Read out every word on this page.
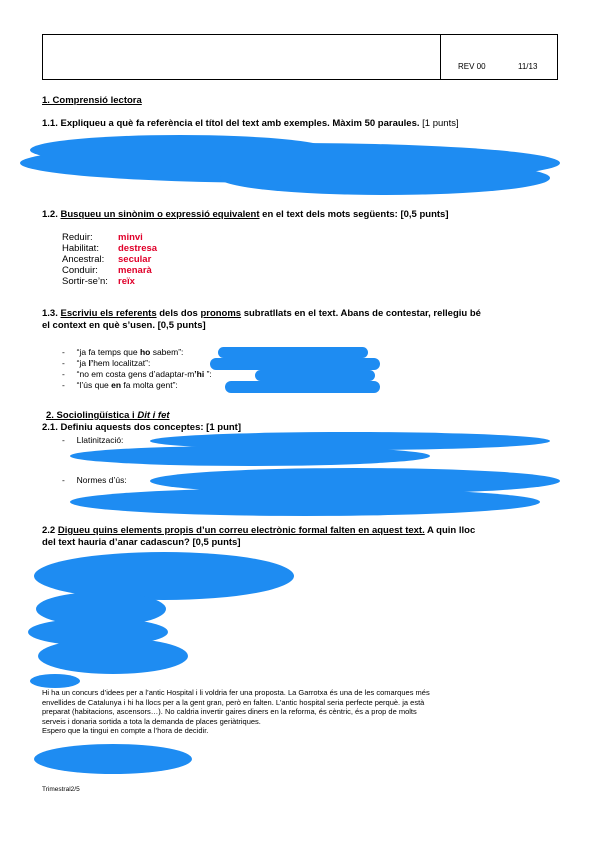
REV 00	11/13
1. Comprensió lectora
1.1. Expliqueu a què fa referència el títol del text amb exemples. Màxim 50 paraules. [1 punts]
1.2. Busqueu un sinònim o expressió equivalent en el text dels mots següents: [0,5 punts]
Reduir:	minvi
Habilitat: destresa
Ancestral: secular
Conduir: menarà
Sortir-se’n: reïx
1.3. Escriviu els referents dels dos pronoms subratllats en el text. Abans de contestar, rellegiu bé
el context en què s’usen. [0,5 punts]
-     “ja fa temps que ho sabem”:
-     “ja l’hem localitzat”:
-     “no em costa gens d’adaptar-m’hi ”:
-     “l’ús que en fa molta gent”:
2. Sociolingüística i Dit i fet
2.1. Definiu aquests dos conceptes: [1 punt]
-     Llatinització:
-     Normes d’ús:
2.2 Digueu quins elements propis d’un correu electrònic formal falten en aquest text. A quin lloc
del text hauria d’anar cadascun? [0,5 punts]
Hi ha un concurs d’idees per a l’antic Hospital i li voldria fer una proposta. La Garrotxa és una de les comarques més
envellides de Catalunya i hi ha llocs per a la gent gran, però en falten. L’antic hospital seria perfecte perquè. ja està
preparat (habitacions, ascensors…). No caldria invertir gaires diners en la reforma, és cèntric, és a prop de molts
serveis i donaria sortida a tota la demanda de places geriàtriques.
Espero que la tingui en compte a l’hora de decidir.
Trimestral2/5
